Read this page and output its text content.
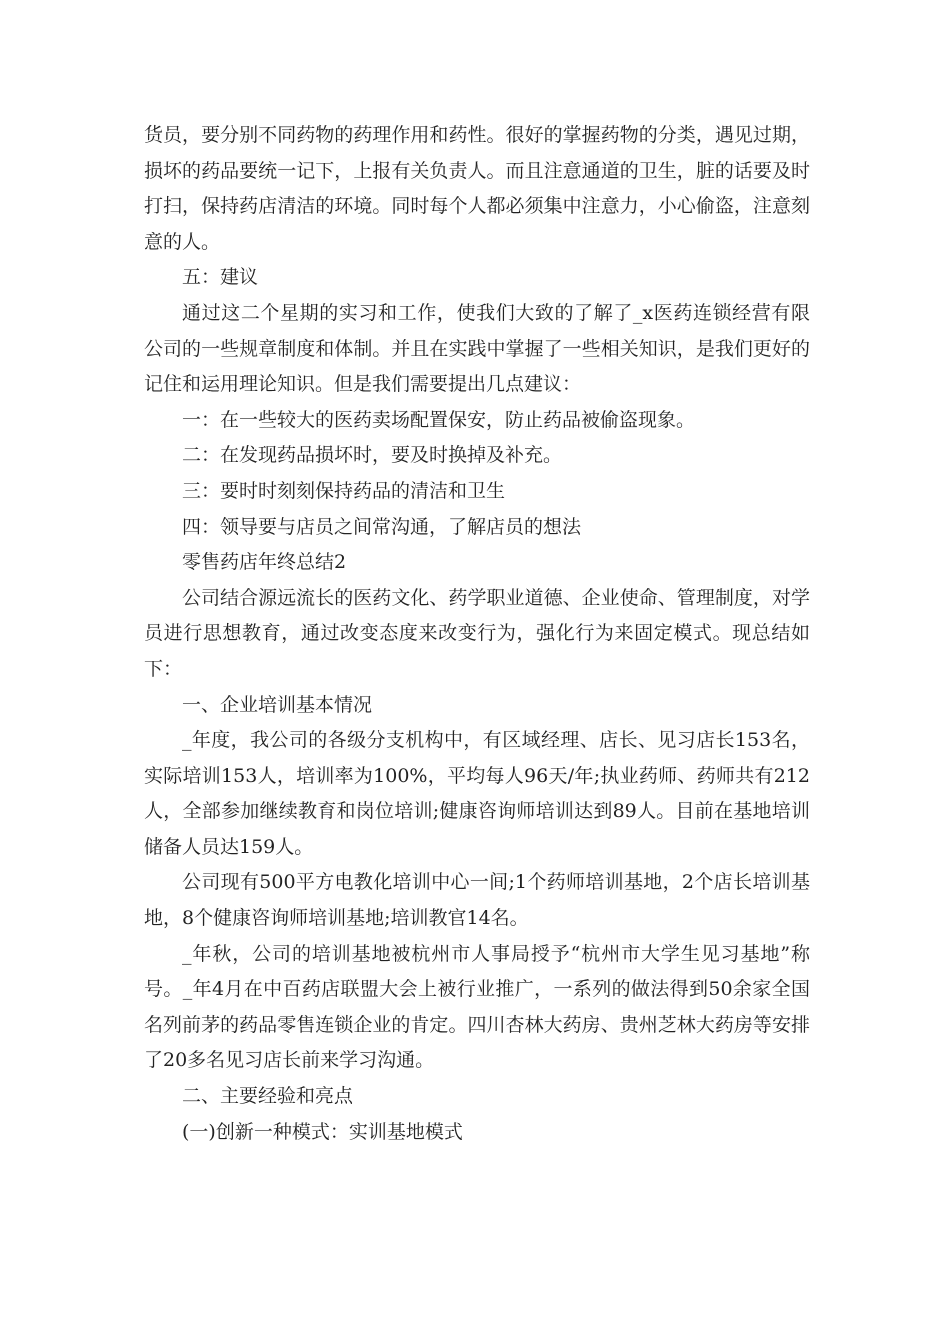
货员，要分别不同药物的药理作用和药性。很好的掌握药物的分类，遇见过期，损坏的药品要统一记下，上报有关负责人。而且注意通道的卫生，脏的话要及时打扫，保持药店清洁的环境。同时每个人都必须集中注意力，小心偷盗，注意刻意的人。

五：建议

通过这二个星期的实习和工作，使我们大致的了解了_x医药连锁经营有限公司的一些规章制度和体制。并且在实践中掌握了一些相关知识，是我们更好的记住和运用理论知识。但是我们需要提出几点建议：

一：在一些较大的医药卖场配置保安，防止药品被偷盗现象。

二：在发现药品损坏时，要及时换掉及补充。

三：要时时刻刻保持药品的清洁和卫生

四：领导要与店员之间常沟通，了解店员的想法

零售药店年终总结2

公司结合源远流长的医药文化、药学职业道德、企业使命、管理制度，对学员进行思想教育，通过改变态度来改变行为，强化行为来固定模式。现总结如下：

一、企业培训基本情况

_年度，我公司的各级分支机构中，有区域经理、店长、见习店长153名，实际培训153人，培训率为100%，平均每人96天/年;执业药师、药师共有212人，全部参加继续教育和岗位培训;健康咨询师培训达到89人。目前在基地培训储备人员达159人。

公司现有500平方电教化培训中心一间;1个药师培训基地，2个店长培训基地，8个健康咨询师培训基地;培训教官14名。

_年秋，公司的培训基地被杭州市人事局授予“杭州市大学生见习基地”称号。_年4月在中百药店联盟大会上被行业推广，一系列的做法得到50余家全国名列前茅的药品零售连锁企业的肯定。四川杏林大药房、贵州芝林大药房等安排了20多名见习店长前来学习沟通。

二、主要经验和亮点

(一)创新一种模式：实训基地模式
